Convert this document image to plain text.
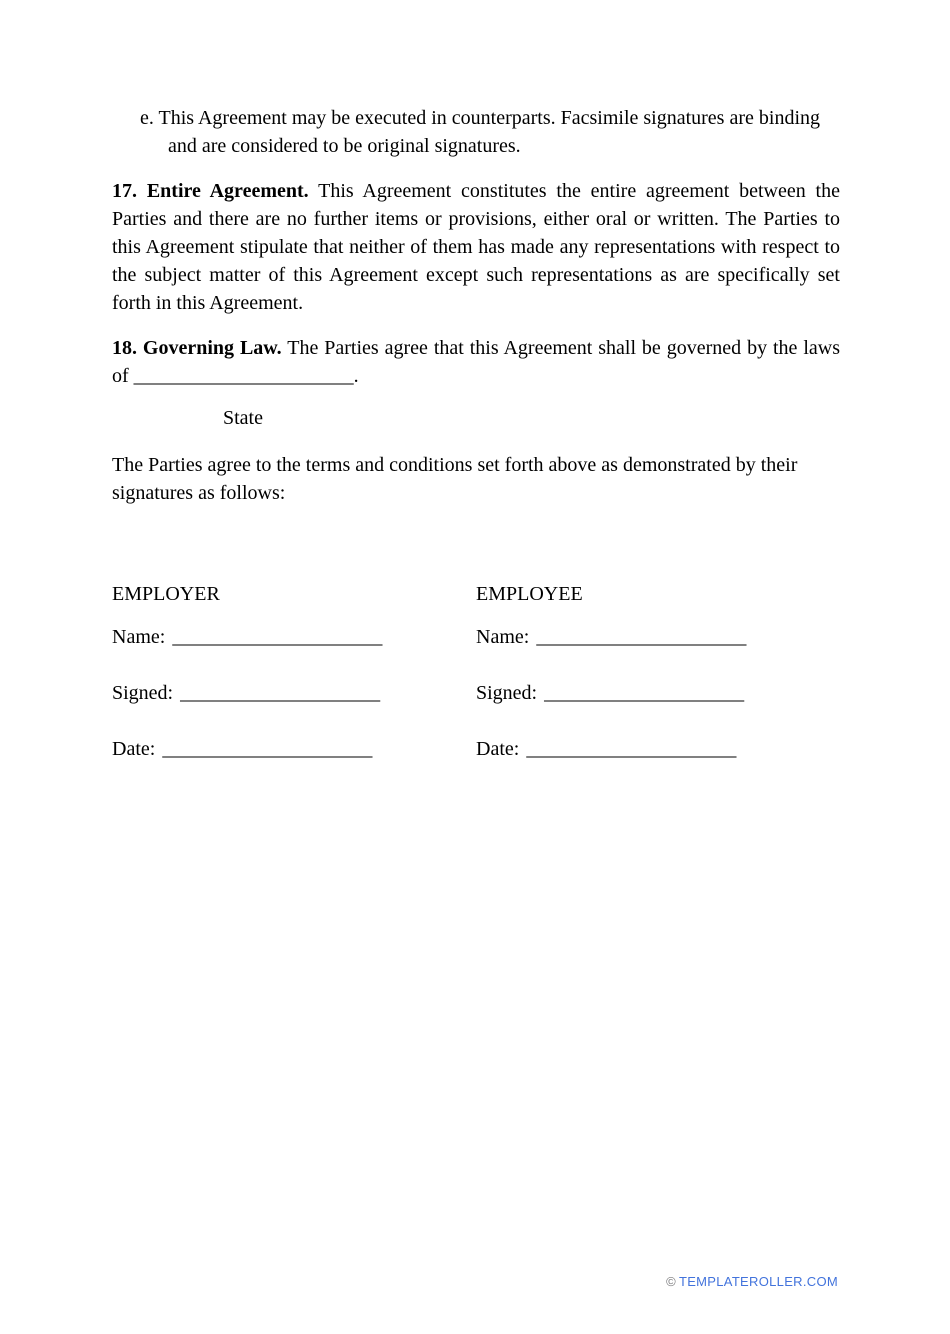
e. This Agreement may be executed in counterparts. Facsimile signatures are binding and are considered to be original signatures.
17. Entire Agreement. This Agreement constitutes the entire agreement between the Parties and there are no further items or provisions, either oral or written. The Parties to this Agreement stipulate that neither of them has made any representations with respect to the subject matter of this Agreement except such representations as are specifically set forth in this Agreement.
18. Governing Law. The Parties agree that this Agreement shall be governed by the laws of ______________________.
State
The Parties agree to the terms and conditions set forth above as demonstrated by their signatures as follows:
EMPLOYER
Name: _____________________
Signed: ____________________
Date: _____________________
EMPLOYEE
Name: _____________________
Signed: ____________________
Date: _____________________
© TEMPLATEROLLER.COM
